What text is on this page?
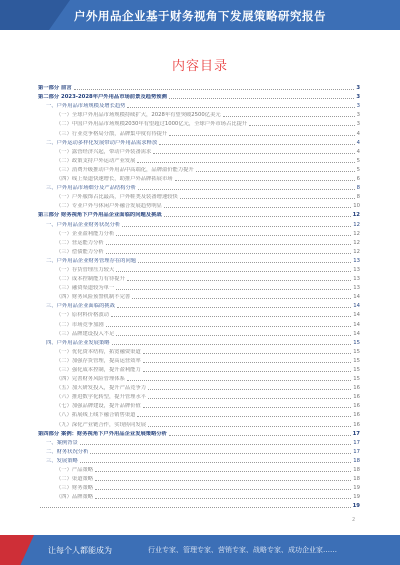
户外用品企业基于财务视角下发展策略研究报告
内容目录
第一部分 前言	3
第二部分 2023-2028年户外用品市场前景及趋势预测	3
一、户外用品市场规模及增长趋势	3
（一）全球户外用品市场规模持续扩大，2028年有望突破2500亿美元	3
（二）中国户外用品市场规模2030年有望超过1000亿元，全球户外市场占比提升	3
（三）行业竞争格局分散，品牌集中度有待提升	4
二、户外运动多样化发展带动户外用品需求释放	4
（一）露营经济兴起，带动户外装备需求	4
（二）政策支持户外运动产业发展	5
（三）消费升级推动户外用品中高端化，品牌溢价能力提升	5
（四）线上渠道快速增长，助推户外品牌拓展市场	6
三、户外用品市场细分及产品结构分析	8
（一）户外服饰占比最高，户外鞋类及装备增速较快	8
（二）专业户外与休闲户外融合发展趋势明显	10
第三部分 财务视角下户外用品企业面临的问题及挑战	12
一、户外用品企业财务状况分析	12
（一）企业盈利能力分析	12
（二）营运能力分析	12
（三）偿债能力分析	12
二、户外用品企业财务管理存在的问题	13
（一）存货管理压力较大	13
（二）成本控制能力有待提升	13
（三）融资渠道较为单一	13
（四）财务风险预警机制不完善	14
三、户外用品企业面临的挑战	14
（一）原材料价格波动	14
（二）市场竞争加剧	14
（三）品牌建设投入不足	14
四、户外用品企业发展策略	15
（一）优化资本结构，拓宽融资渠道	15
（二）加强存货管理，提高运营效率	15
（三）强化成本控制，提升盈利能力	15
（四）完善财务风险管理体系	15
（五）加大研发投入，提升产品竞争力	16
（六）推进数字化转型，提升管理水平	16
（七）加强品牌建设，提升品牌价值	16
（八）拓展线上线下融合销售渠道	16
（九）深化产业链合作，实现协同发展	16
第四部分 案例：财务视角下户外用品企业发展策略分析	17
一、案例背景	17
二、财务状况分析	17
三、发展策略	18
（一）产品策略	18
（二）渠道策略	18
（三）财务策略	19
（四）品牌策略	19
19
2
让每个人都能成为	行业专家、管理专家、营销专家、战略专家、成功企业家……
